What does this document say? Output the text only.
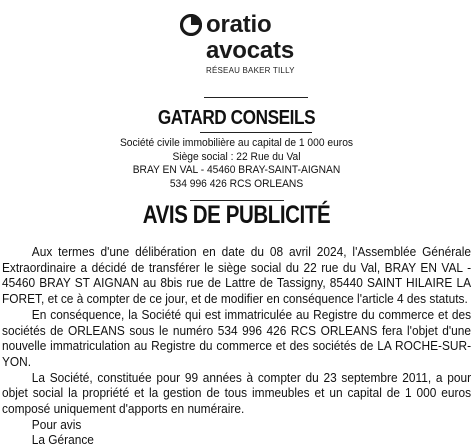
oratio
avocats
RÉSEAU BAKER TILLY
GATARD CONSEILS
Société civile immobilière au capital de 1 000 euros
Siège social : 22 Rue du Val
BRAY EN VAL - 45460 BRAY-SAINT-AIGNAN
534 996 426 RCS ORLEANS
AVIS DE PUBLICITÉ

Aux termes d'une délibération en date du 08 avril 2024, l'Assemblée Générale Extraordinaire a décidé de transférer le siège social du 22 rue du Val, BRAY EN VAL - 45460 BRAY ST AIGNAN au 8bis rue de Lattre de Tassigny, 85440 SAINT HILAIRE LA FORET, et ce à compter de ce jour, et de modifier en conséquence l'article 4 des statuts.

En conséquence, la Société qui est immatriculée au Registre du commerce et des sociétés de ORLEANS sous le numéro 534 996 426 RCS ORLEANS fera l'objet d'une nouvelle immatriculation au Registre du commerce et des sociétés de LA ROCHE-SUR-YON.

La Société, constituée pour 99 années à compter du 23 septembre 2011, a pour objet social la propriété et la gestion de tous immeubles et un capital de 1 000 euros composé uniquement d'apports en numéraire.

Pour avis
La Gérance
